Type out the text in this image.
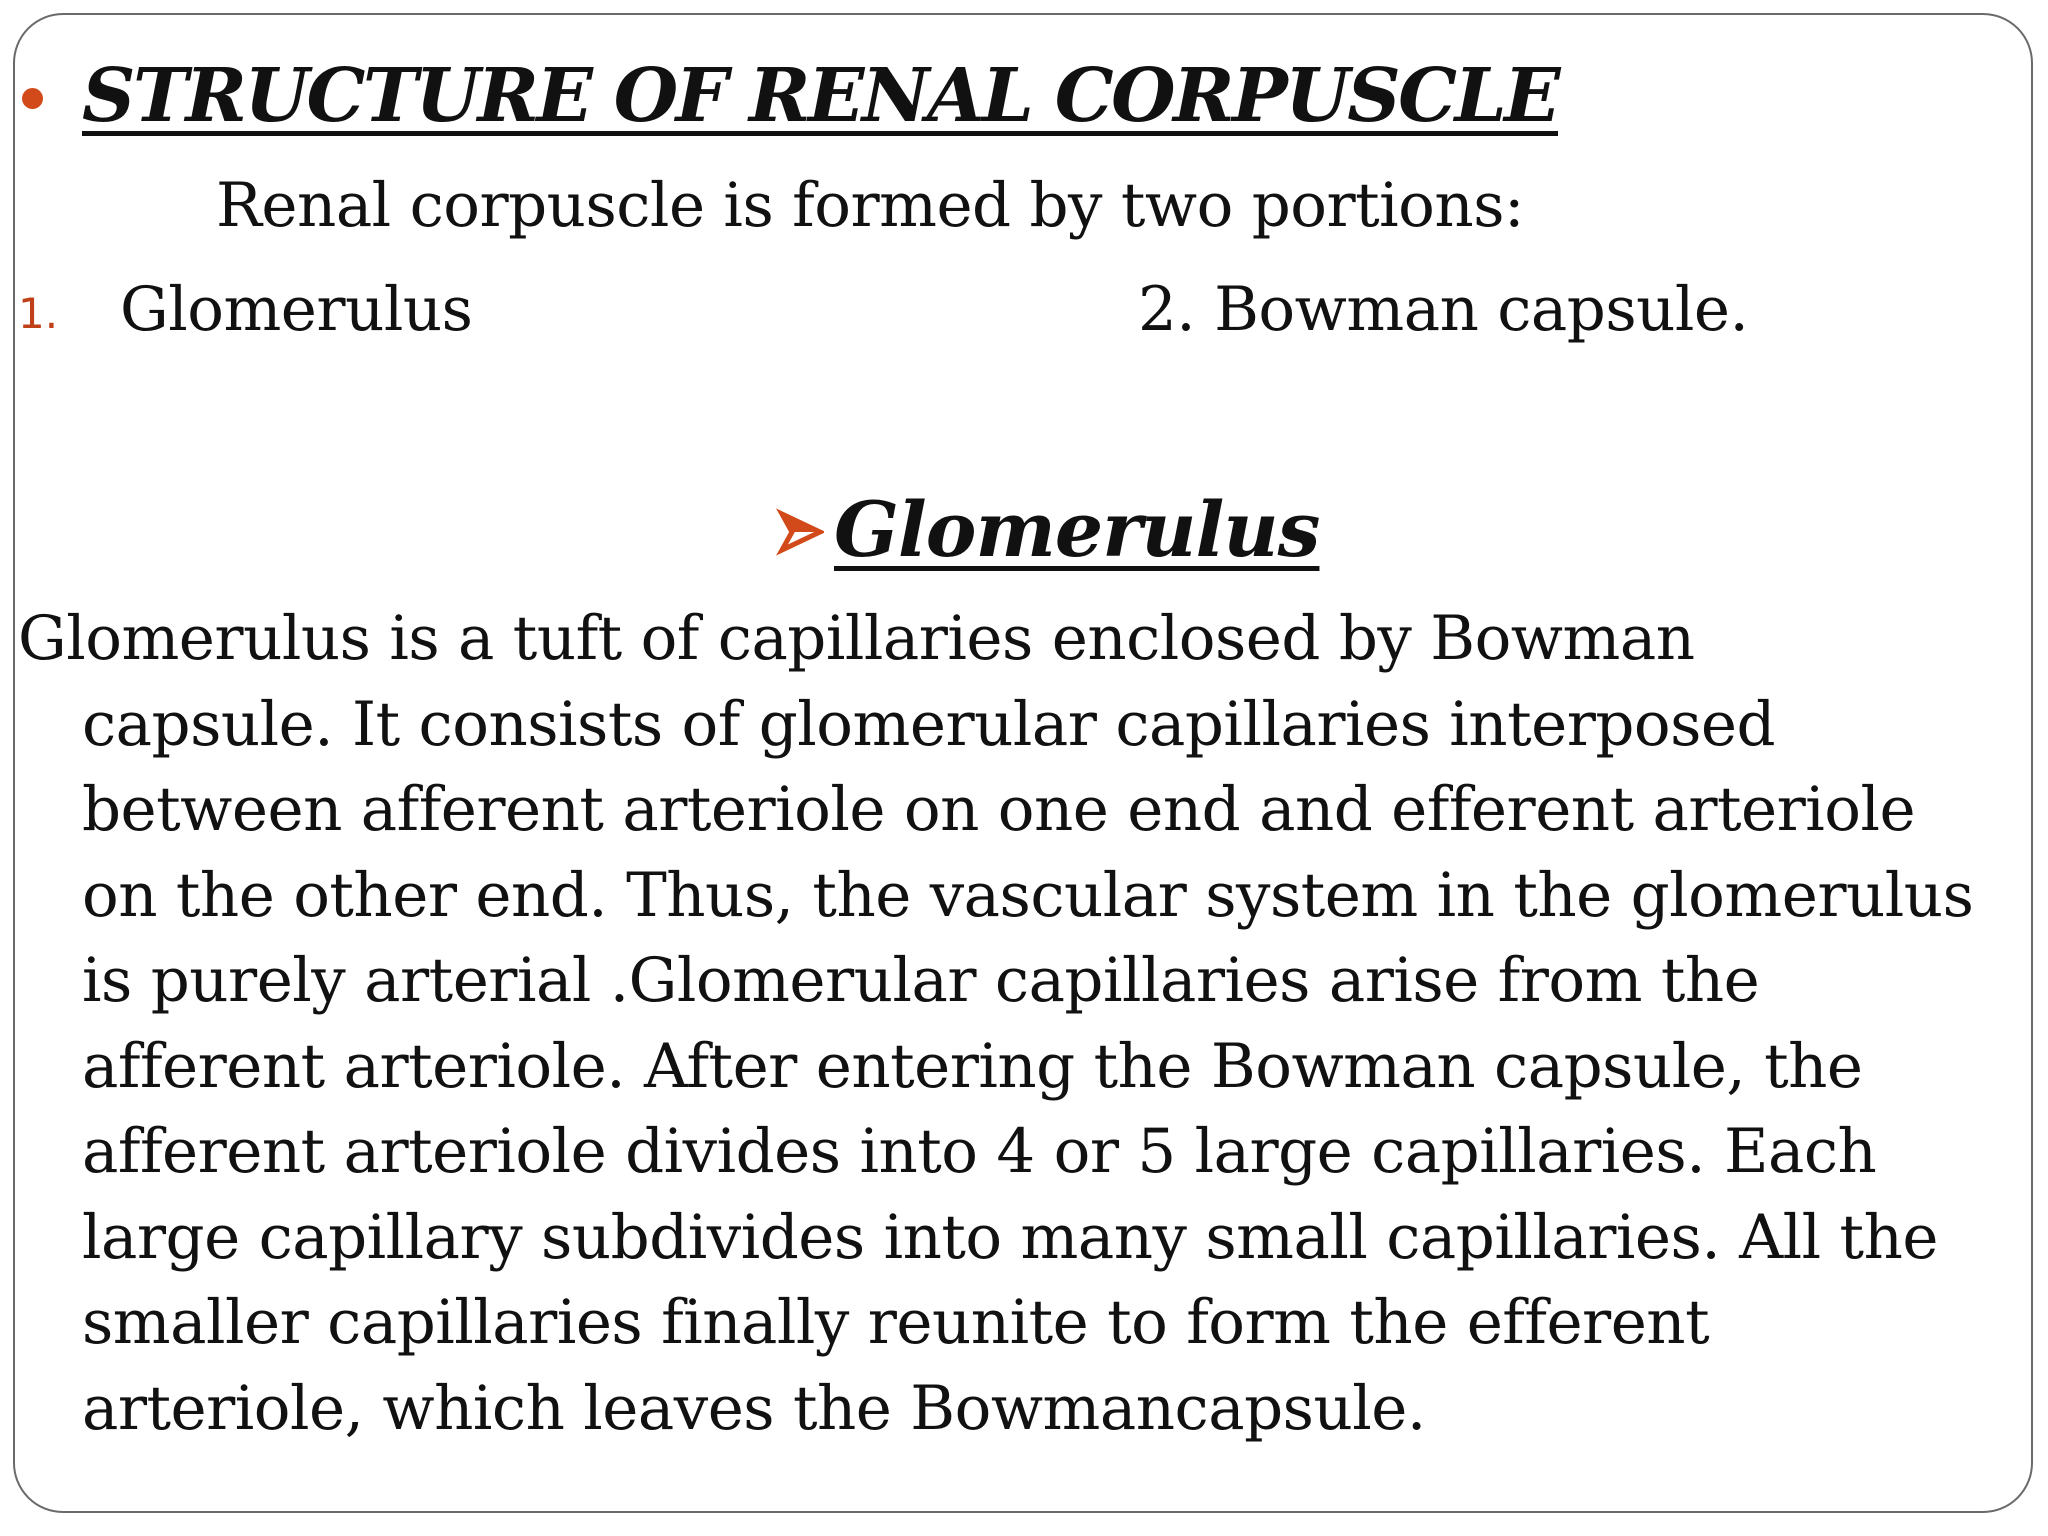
STRUCTURE OF RENAL CORPUSCLE
Renal corpuscle is formed by two portions:
1. Glomerulus	2. Bowman capsule.
Glomerulus
Glomerulus is a tuft of capillaries enclosed by Bowman
capsule. It consists of glomerular capillaries interposed
between afferent arteriole on one end and efferent arteriole
on the other end. Thus, the vascular system in the glomerulus
is purely arterial .Glomerular capillaries arise from the
afferent arteriole. After entering the Bowman capsule, the
afferent arteriole divides into 4 or 5 large capillaries. Each
large capillary subdivides into many small capillaries. All the
smaller capillaries finally reunite to form the efferent
arteriole, which leaves the Bowmancapsule.
